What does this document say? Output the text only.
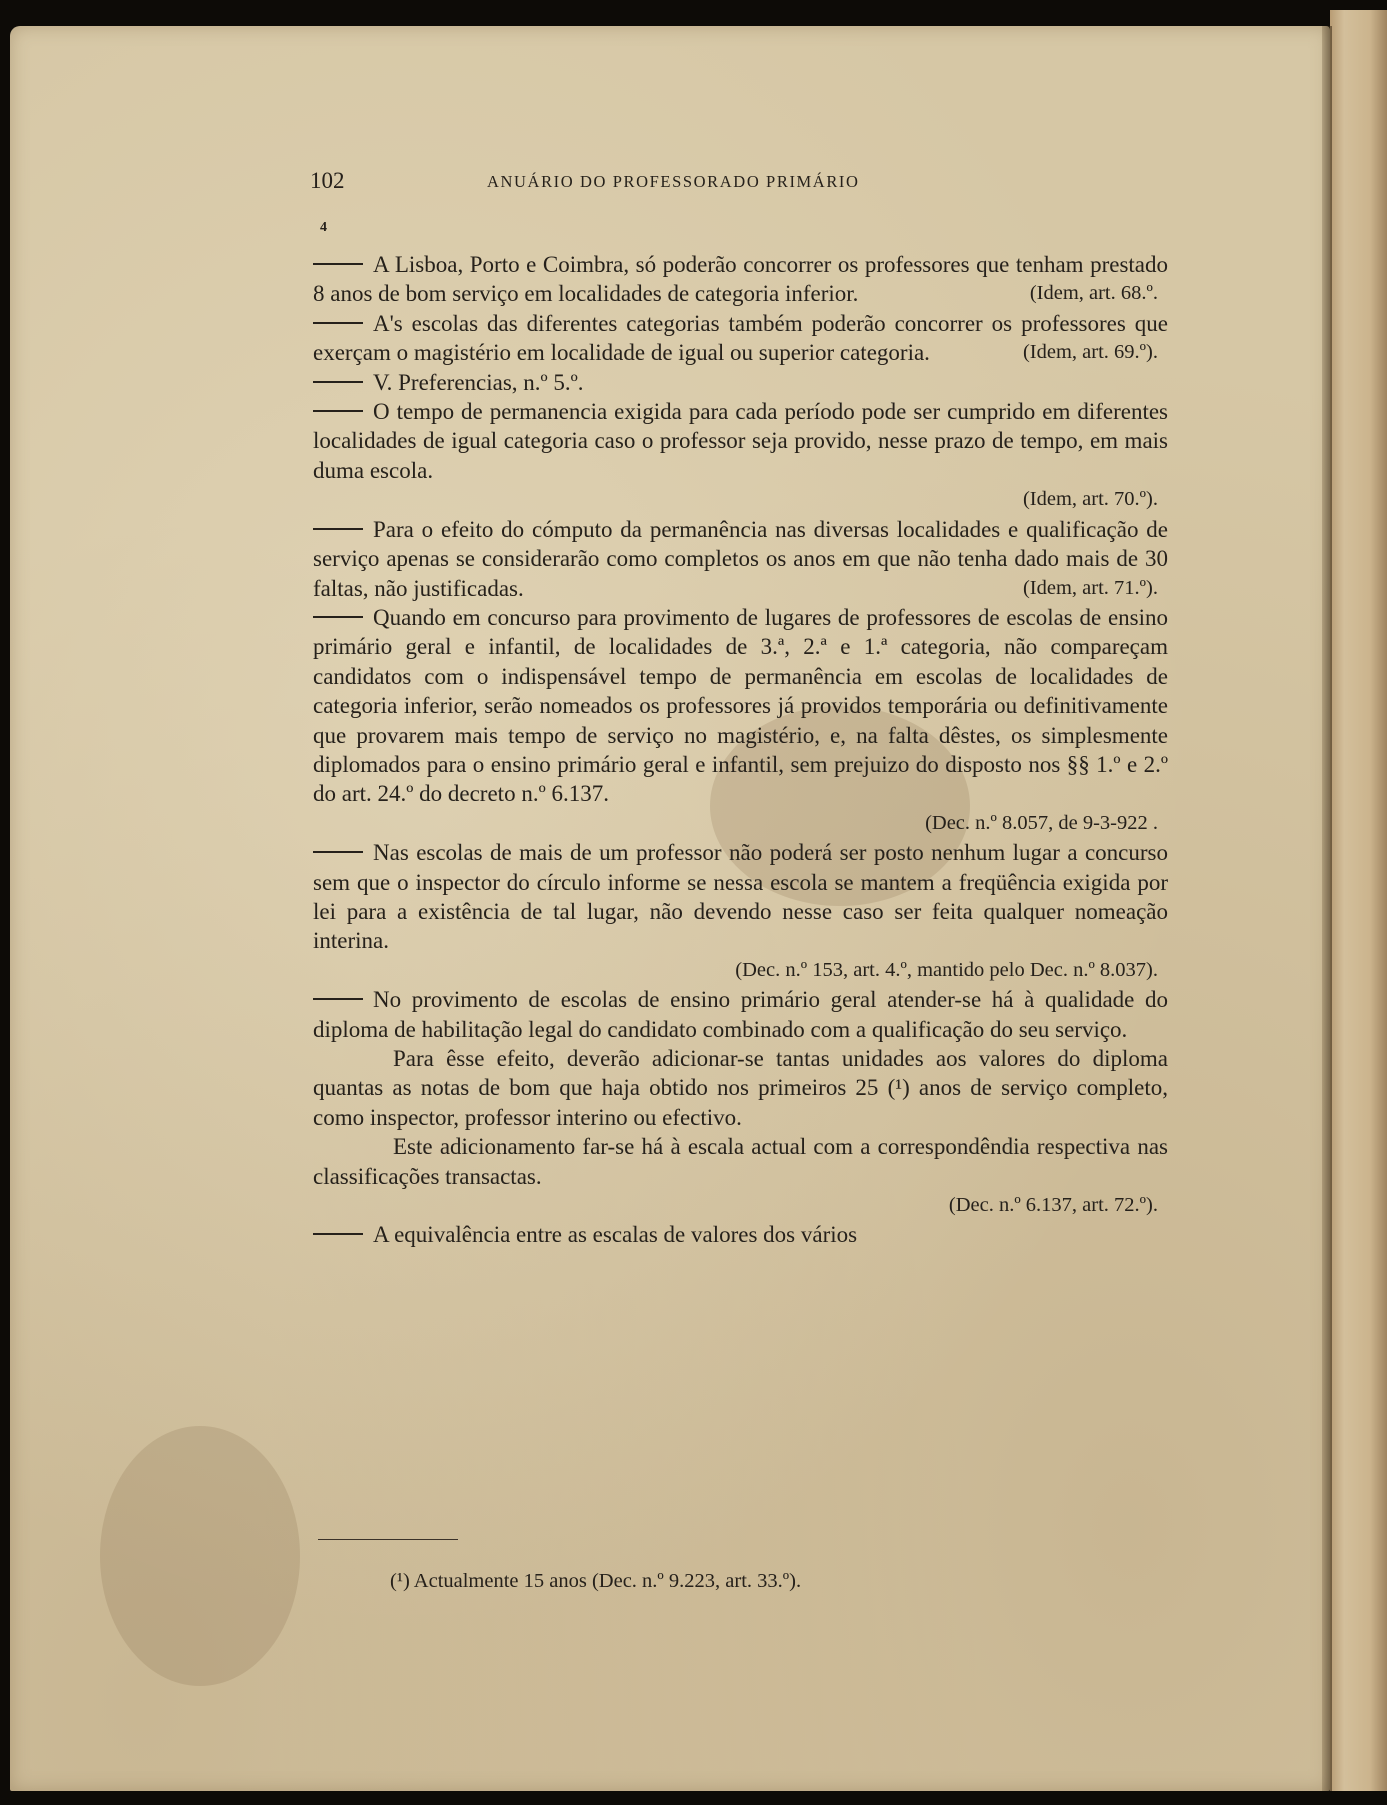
102	ANUÁRIO DO PROFESSORADO PRIMÁRIO
4

A Lisboa, Porto e Coimbra, só poderão concorrer os professores que tenham prestado 8 anos de bom serviço em localidades de categoria inferior.	(Idem, art. 68.º.

A's escolas das diferentes categorias também poderão concorrer os professores que exerçam o magistério em localidade de igual ou superior categoria.	(Idem, art. 69.º).

V. Preferencias, n.º 5.º.

O tempo de permanencia exigida para cada período pode ser cumprido em diferentes localidades de igual categoria caso o professor seja provido, nesse prazo de tempo, em mais duma escola.

(Idem, art. 70.º).

Para o efeito do cómputo da permanência nas diversas localidades e qualificação de serviço apenas se considerarão como completos os anos em que não tenha dado mais de 30 faltas, não justificadas.	(Idem, art. 71.º).

Quando em concurso para provimento de lugares de professores de escolas de ensino primário geral e infantil, de localidades de 3.ª, 2.ª e 1.ª categoria, não compareçam candidatos com o indispensável tempo de permanência em escolas de localidades de categoria inferior, serão nomeados os professores já providos temporária ou definitivamente que provarem mais tempo de serviço no magistério, e, na falta dêstes, os simplesmente diplomados para o ensino primário geral e infantil, sem prejuizo do disposto nos §§ 1.º e 2.º do art. 24.º do decreto n.º 6.137.

(Dec. n.º 8.057, de 9-3-922 .

Nas escolas de mais de um professor não poderá ser posto nenhum lugar a concurso sem que o inspector do círculo informe se nessa escola se mantem a freqüência exigida por lei para a existência de tal lugar, não devendo nesse caso ser feita qualquer nomeação interina.

(Dec. n.º 153, art. 4.º, mantido pelo Dec. n.º 8.037).

No provimento de escolas de ensino primário geral atender-se há à qualidade do diploma de habilitação legal do candidato combinado com a qualificação do seu serviço.

Para êsse efeito, deverão adicionar-se tantas unidades aos valores do diploma quantas as notas de bom que haja obtido nos primeiros 25 (¹) anos de serviço completo, como inspector, professor interino ou efectivo.

Este adicionamento far-se há à escala actual com a correspondêndia respectiva nas classificações transactas.

(Dec. n.º 6.137, art. 72.º).

A equivalência entre as escalas de valores dos vários

(¹) Actualmente 15 anos (Dec. n.º 9.223, art. 33.º).
